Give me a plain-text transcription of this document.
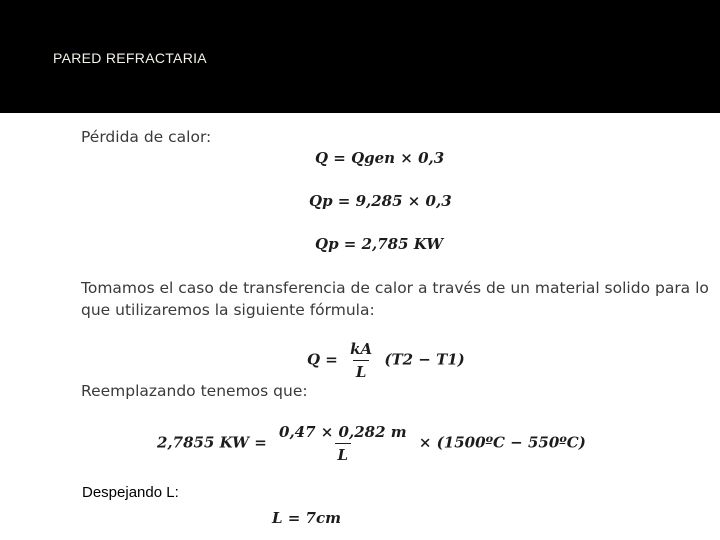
PARED REFRACTARIA
Pérdida de calor:
Q = Qgen × 0,3
Qp = 9,285 × 0,3
Qp = 2,785 KW
Tomamos el caso de transferencia de calor a través de un material solido para lo
que utilizaremos la siguiente fórmula:
$Q = \frac{kA}{L} (T2 - T1)$
Reemplazando tenemos que:
2,7855 KW = $\frac{0,47 \times 0,282 m}{L}$ × (1500ºC − 550ºC)
Despejando L:
L = 7cm
